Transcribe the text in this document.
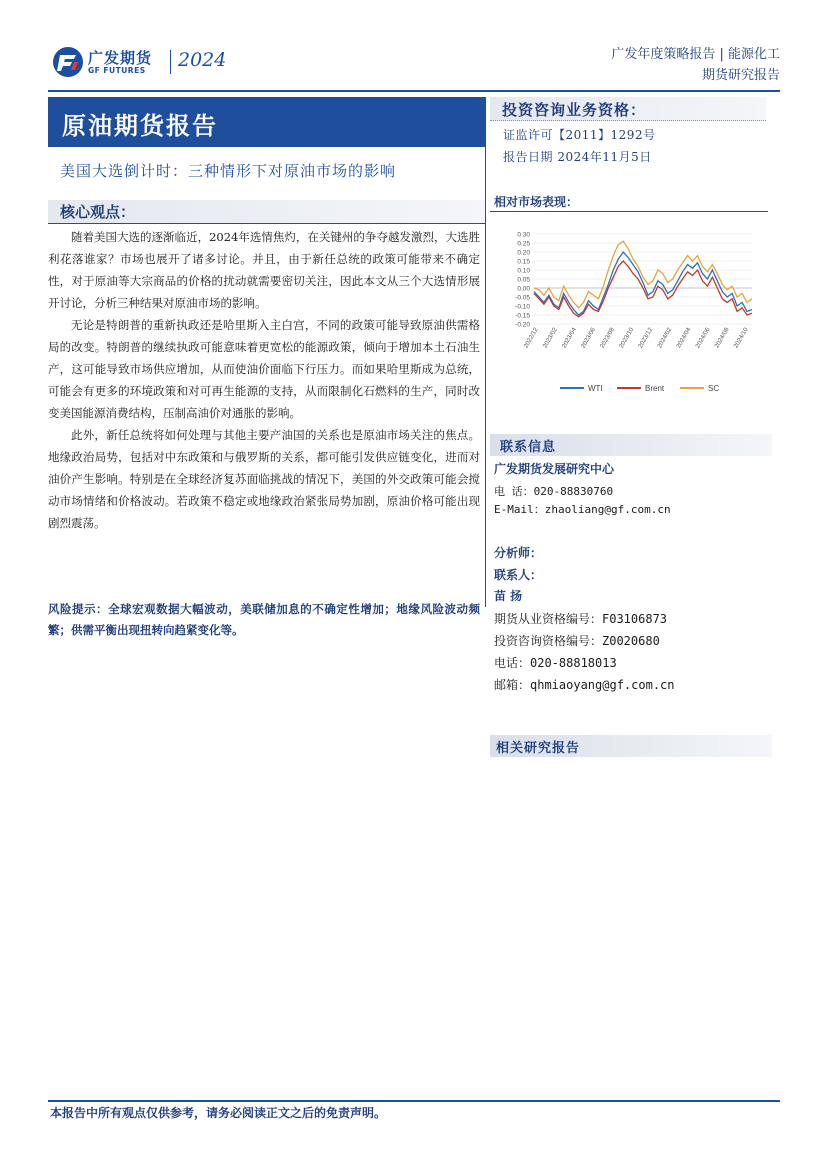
广发期货
GF FUTURES 2024	广发年度策略报告 | 能源化工
期货研究报告
原油期货报告
美国大选倒计时：三种情形下对原油市场的影响
核心观点：

随着美国大选的逐渐临近，2024年选情焦灼，在关键州的争夺越发激烈，大选胜利花落谁家？市场也展开了诸多讨论。并且，由于新任总统的政策可能带来不确定性，对于原油等大宗商品的价格的扰动就需要密切关注，因此本文从三个大选情形展开讨论，分析三种结果对原油市场的影响。

无论是特朗普的重新执政还是哈里斯入主白宫，不同的政策可能导致原油供需格局的改变。特朗普的继续执政可能意味着更宽松的能源政策，倾向于增加本土石油生产，这可能导致市场供应增加，从而使油价面临下行压力。而如果哈里斯成为总统，可能会有更多的环境政策和对可再生能源的支持，从而限制化石燃料的生产，同时改变美国能源消费结构，压制高油价对通胀的影响。

此外，新任总统将如何处理与其他主要产油国的关系也是原油市场关注的焦点。地缘政治局势，包括对中东政策和与俄罗斯的关系，都可能引发供应链变化，进而对油价产生影响。特别是在全球经济复苏面临挑战的情况下，美国的外交政策可能会搅动市场情绪和价格波动。若政策不稳定或地缘政治紧张局势加剧，原油价格可能出现剧烈震荡。

风险提示：全球宏观数据大幅波动，美联储加息的不确定性增加；地缘风险波动频繁；供需平衡出现扭转向趋紧变化等。
投资咨询业务资格：
证监许可【2011】1292号
报告日期 2024年11月5日
相对市场表现：
0.30
0.25
0.20
0.15
0.10
0.05
0.00
-0.05
-0.10
-0.15
-0.20
2022/12 2023/02 2023/04 2023/06 2023/08 2023/10 2023/12 2024/02 2024/04 2024/06 2024/08 2024/10
WTI	Brent	SC
联系信息
广发期货发展研究中心
电 话：020-88830760
E-Mail：zhaoliang@gf.com.cn
分析师：
联系人：
苗 扬
期货从业资格编号：F03106873
投资咨询资格编号：Z0020680
电话：020-88818013
邮箱：qhmiaoyang@gf.com.cn
相关研究报告
本报告中所有观点仅供参考，请务必阅读正文之后的免责声明。
